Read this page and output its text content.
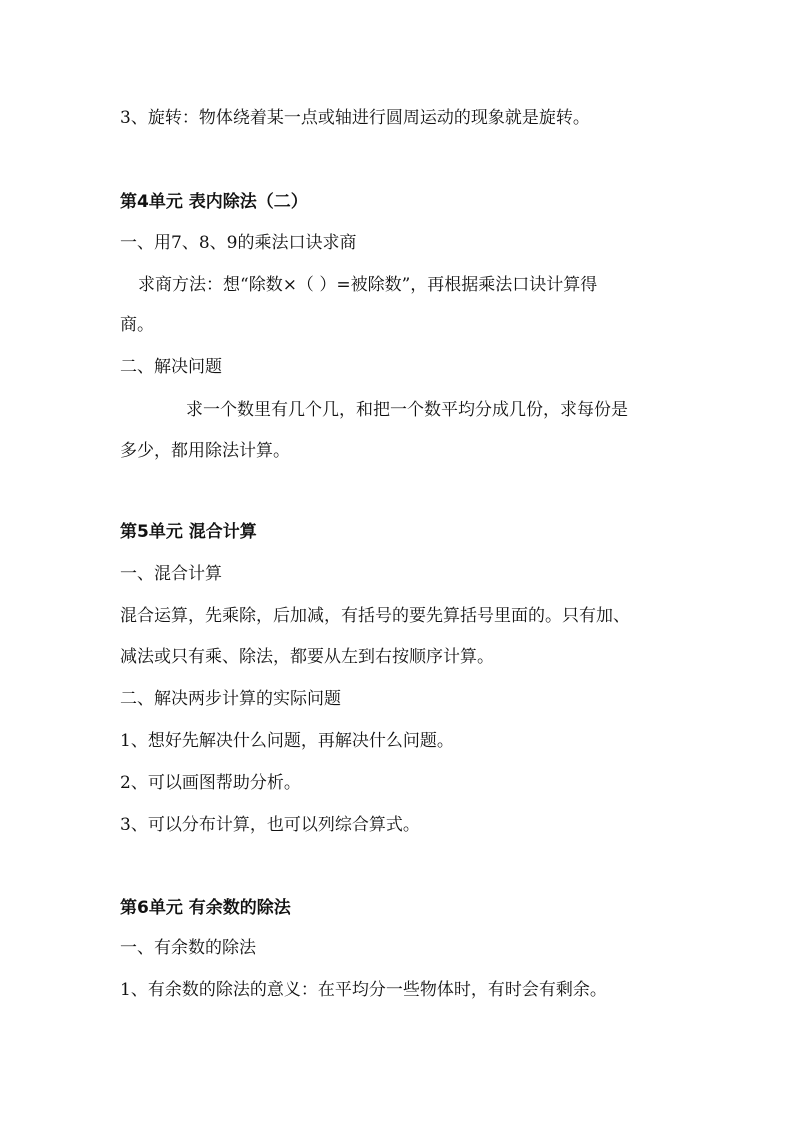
3、旋转：物体绕着某一点或轴进行圆周运动的现象就是旋转。
第4单元 表内除法（二）
一、用7、8、9的乘法口诀求商
求商方法：想“除数×（ ）=被除数”，再根据乘法口诀计算得
商。
二、解决问题
求一个数里有几个几，和把一个数平均分成几份，求每份是
多少，都用除法计算。
第5单元 混合计算
一、混合计算
混合运算，先乘除，后加减，有括号的要先算括号里面的。只有加、
减法或只有乘、除法，都要从左到右按顺序计算。
二、解决两步计算的实际问题
1、想好先解决什么问题，再解决什么问题。
2、可以画图帮助分析。
3、可以分布计算，也可以列综合算式。
第6单元 有余数的除法
一、有余数的除法
1、有余数的除法的意义：在平均分一些物体时，有时会有剩余。
